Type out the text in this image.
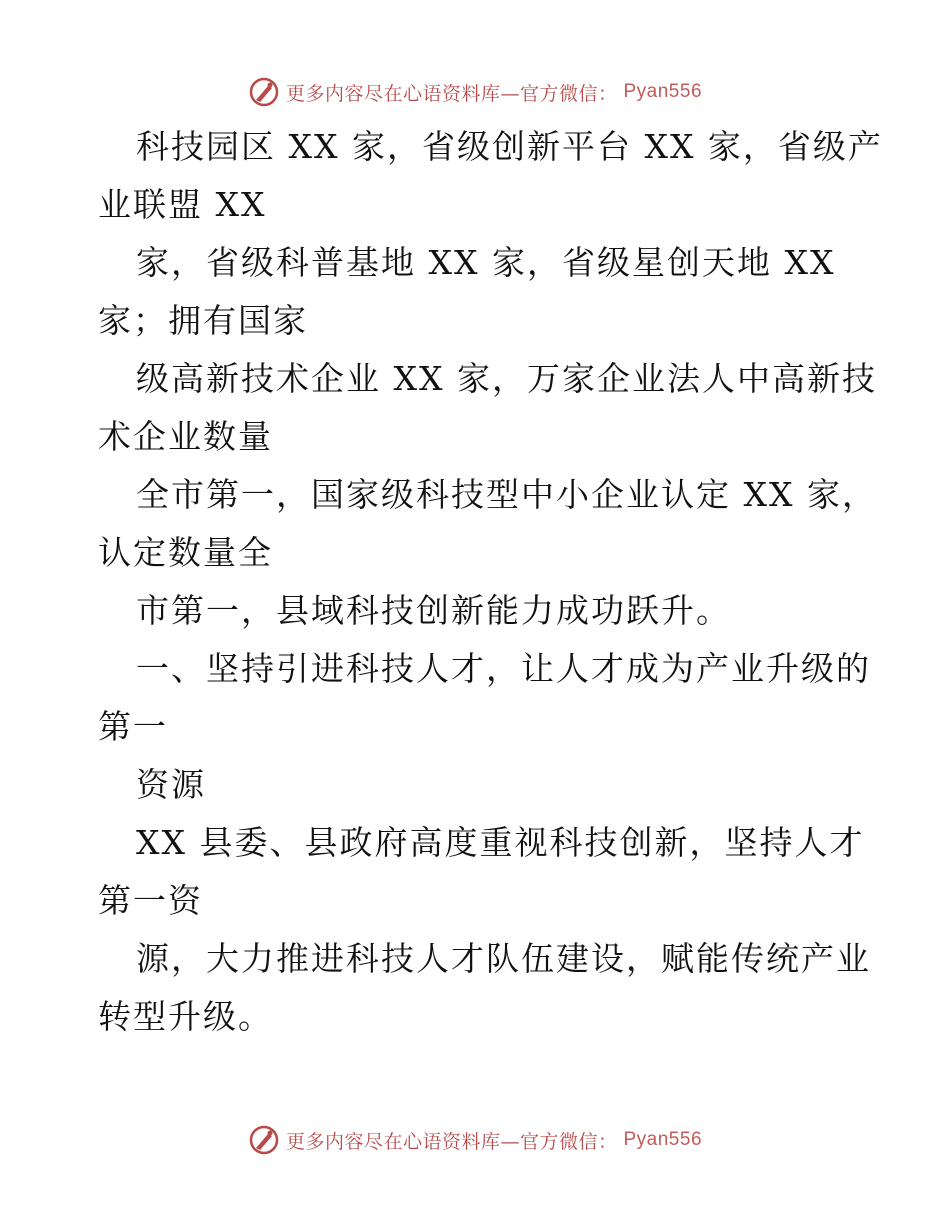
更多内容尽在心语资料库—官方微信： Pyan556
科技园区 XX 家，省级创新平台 XX 家，省级产
业联盟 XX
家，省级科普基地 XX 家，省级星创天地 XX
家；拥有国家
级高新技术企业 XX 家，万家企业法人中高新技
术企业数量
全市第一，国家级科技型中小企业认定 XX 家，
认定数量全
市第一，县域科技创新能力成功跃升。
一、坚持引进科技人才，让人才成为产业升级的
第一
资源
XX 县委、县政府高度重视科技创新，坚持人才
第一资
源，大力推进科技人才队伍建设，赋能传统产业
转型升级。
更多内容尽在心语资料库—官方微信： Pyan556
